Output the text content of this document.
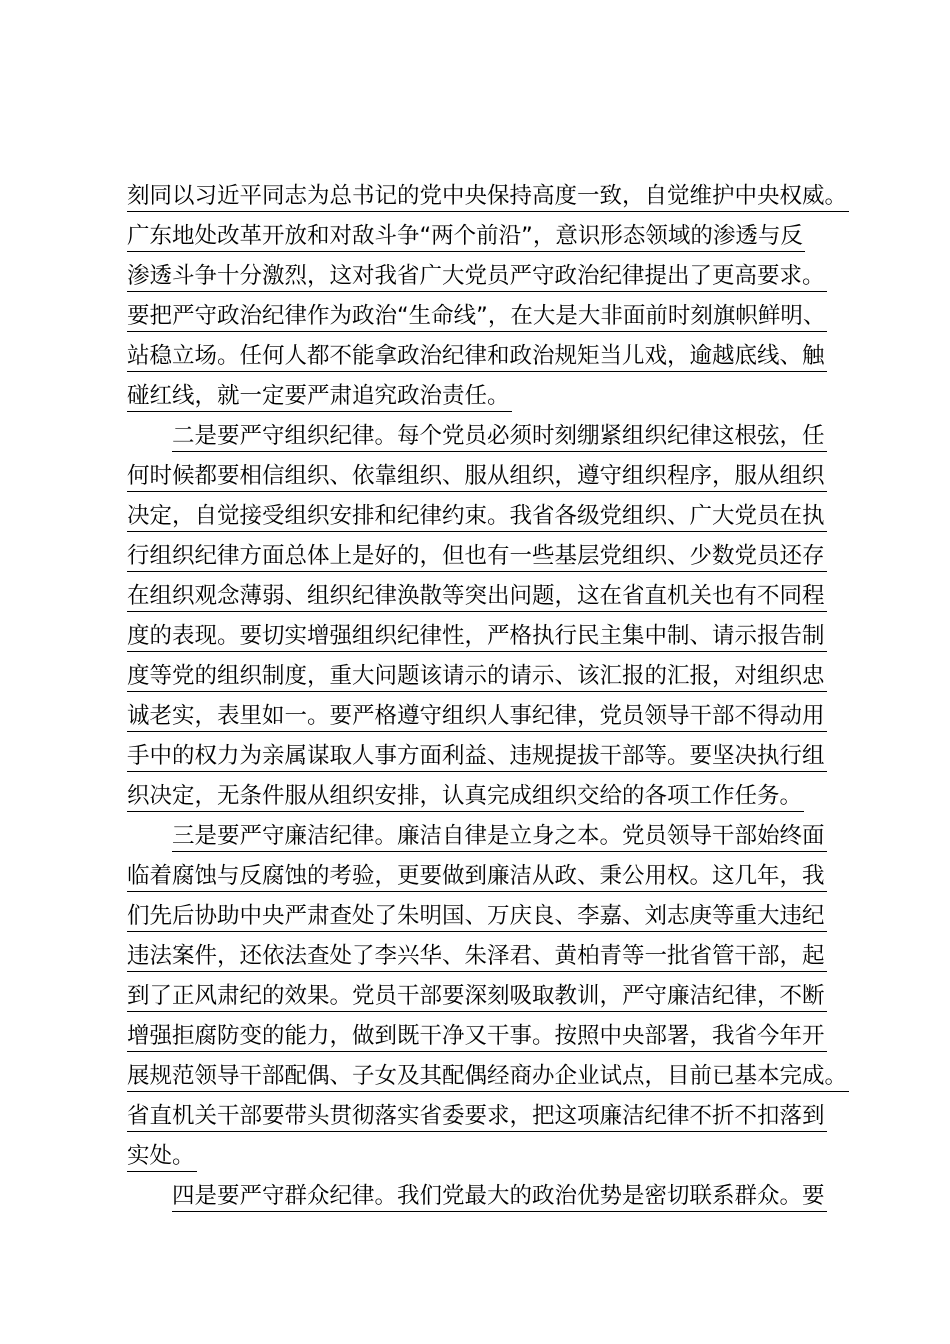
刻同以习近平同志为总书记的党中央保持高度一致，自觉维护中央权威。
广东地处改革开放和对敌斗争“两个前沿”，意识形态领域的渗透与反
渗透斗争十分激烈，这对我省广大党员严守政治纪律提出了更高要求。
要把严守政治纪律作为政治“生命线”，在大是大非面前时刻旗帜鲜明、
站稳立场。任何人都不能拿政治纪律和政治规矩当儿戏，逾越底线、触
碰红线，就一定要严肃追究政治责任。
二是要严守组织纪律。每个党员必须时刻绷紧组织纪律这根弦，任
何时候都要相信组织、依靠组织、服从组织，遵守组织程序，服从组织
决定，自觉接受组织安排和纪律约束。我省各级党组织、广大党员在执
行组织纪律方面总体上是好的，但也有一些基层党组织、少数党员还存
在组织观念薄弱、组织纪律涣散等突出问题，这在省直机关也有不同程
度的表现。要切实增强组织纪律性，严格执行民主集中制、请示报告制
度等党的组织制度，重大问题该请示的请示、该汇报的汇报，对组织忠
诚老实，表里如一。要严格遵守组织人事纪律，党员领导干部不得动用
手中的权力为亲属谋取人事方面利益、违规提拔干部等。要坚决执行组
织决定，无条件服从组织安排，认真完成组织交给的各项工作任务。
三是要严守廉洁纪律。廉洁自律是立身之本。党员领导干部始终面
临着腐蚀与反腐蚀的考验，更要做到廉洁从政、秉公用权。这几年，我
们先后协助中央严肃查处了朱明国、万庆良、李嘉、刘志庚等重大违纪
违法案件，还依法查处了李兴华、朱泽君、黄柏青等一批省管干部，起
到了正风肃纪的效果。党员干部要深刻吸取教训，严守廉洁纪律，不断
增强拒腐防变的能力，做到既干净又干事。按照中央部署，我省今年开
展规范领导干部配偶、子女及其配偶经商办企业试点，目前已基本完成。
省直机关干部要带头贯彻落实省委要求，把这项廉洁纪律不折不扣落到
实处。
四是要严守群众纪律。我们党最大的政治优势是密切联系群众。要
